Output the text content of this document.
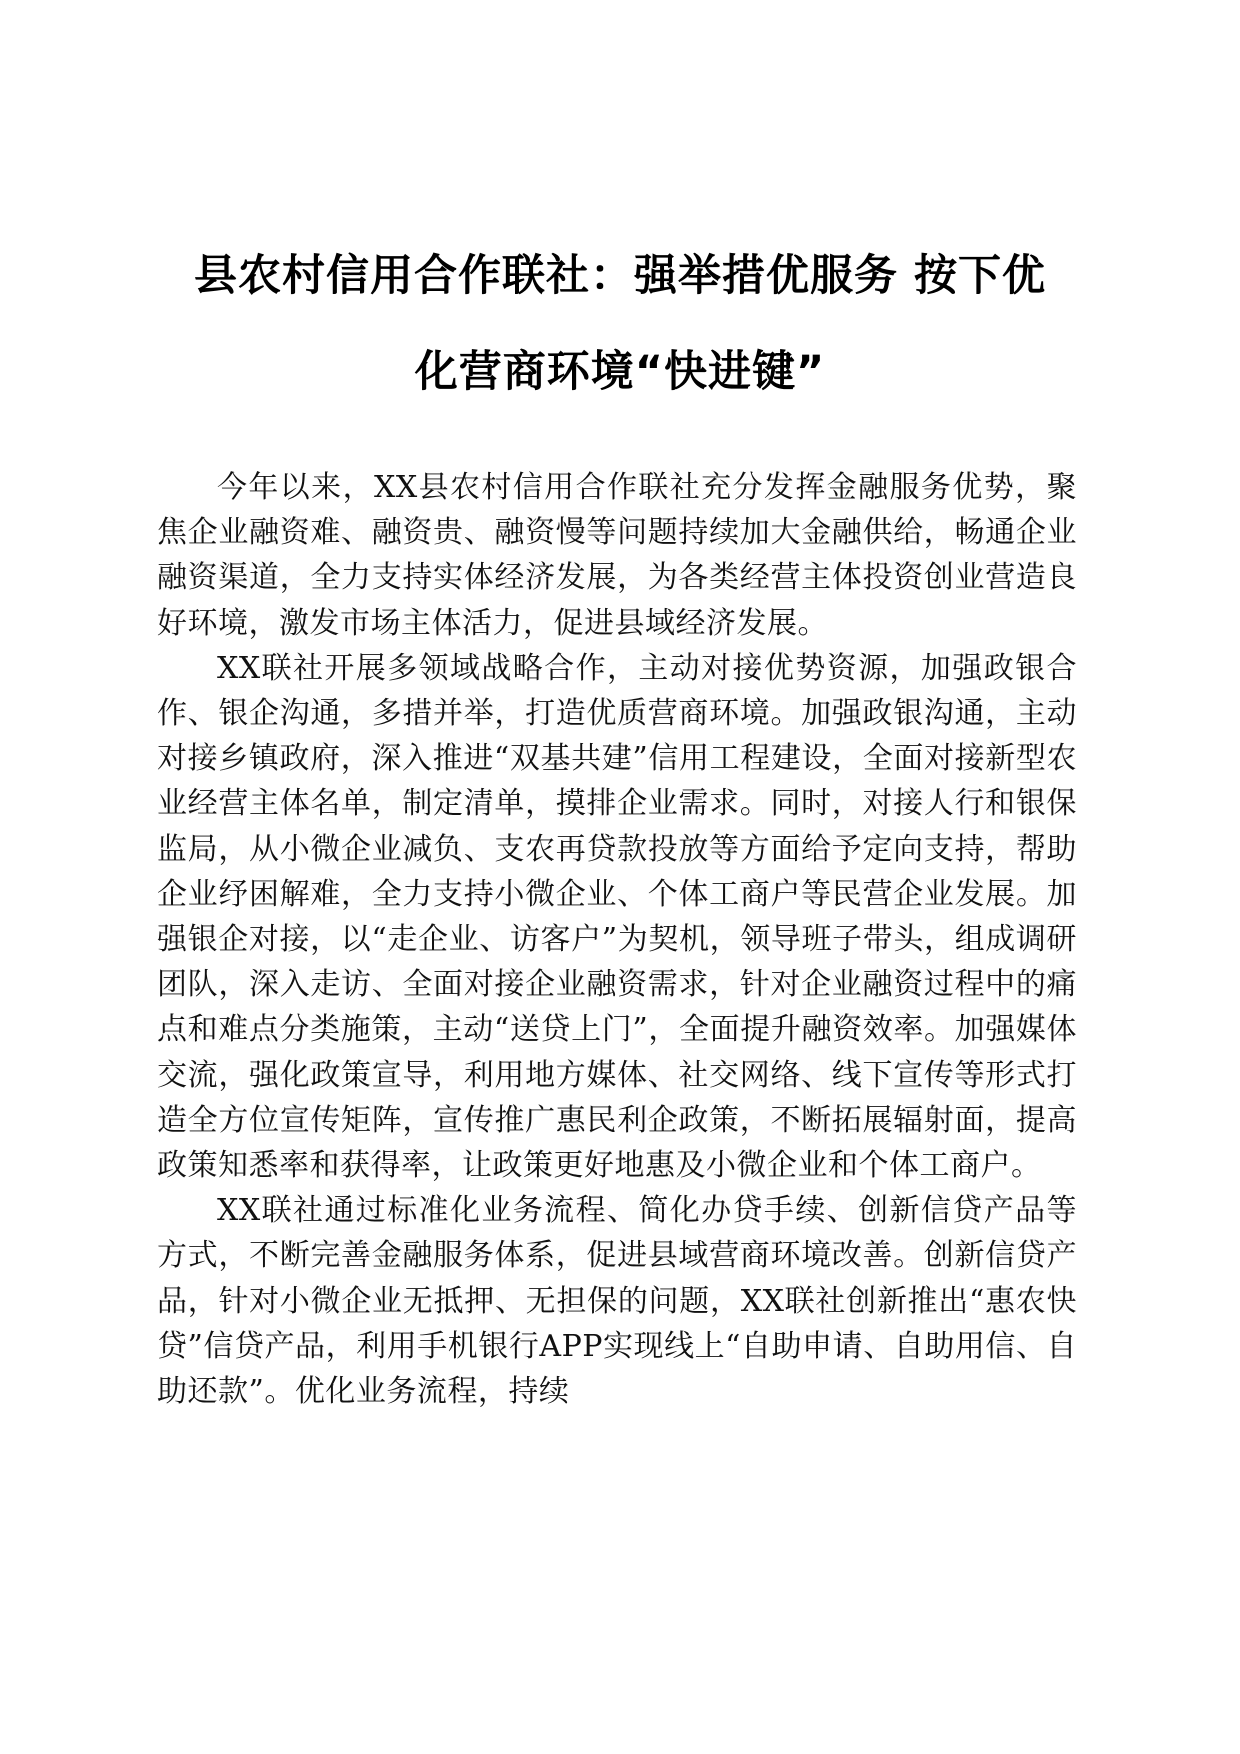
县农村信用合作联社：强举措优服务 按下优
化营商环境“快进键”

今年以来，XX县农村信用合作联社充分发挥金融服务优势，聚焦企业融资难、融资贵、融资慢等问题持续加大金融供给，畅通企业融资渠道，全力支持实体经济发展，为各类经营主体投资创业营造良好环境，激发市场主体活力，促进县域经济发展。

XX联社开展多领域战略合作，主动对接优势资源，加强政银合作、银企沟通，多措并举，打造优质营商环境。加强政银沟通，主动对接乡镇政府，深入推进“双基共建”信用工程建设，全面对接新型农业经营主体名单，制定清单，摸排企业需求。同时，对接人行和银保监局，从小微企业减负、支农再贷款投放等方面给予定向支持，帮助企业纾困解难，全力支持小微企业、个体工商户等民营企业发展。加强银企对接，以“走企业、访客户”为契机，领导班子带头，组成调研团队，深入走访、全面对接企业融资需求，针对企业融资过程中的痛点和难点分类施策，主动“送贷上门”，全面提升融资效率。加强媒体交流，强化政策宣导，利用地方媒体、社交网络、线下宣传等形式打造全方位宣传矩阵，宣传推广惠民利企政策，不断拓展辐射面，提高政策知悉率和获得率，让政策更好地惠及小微企业和个体工商户。

XX联社通过标准化业务流程、简化办贷手续、创新信贷产品等方式，不断完善金融服务体系，促进县域营商环境改善。创新信贷产品，针对小微企业无抵押、无担保的问题，XX联社创新推出“惠农快贷”信贷产品，利用手机银行APP实现线上“自助申请、自助用信、自助还款”。优化业务流程，持续
